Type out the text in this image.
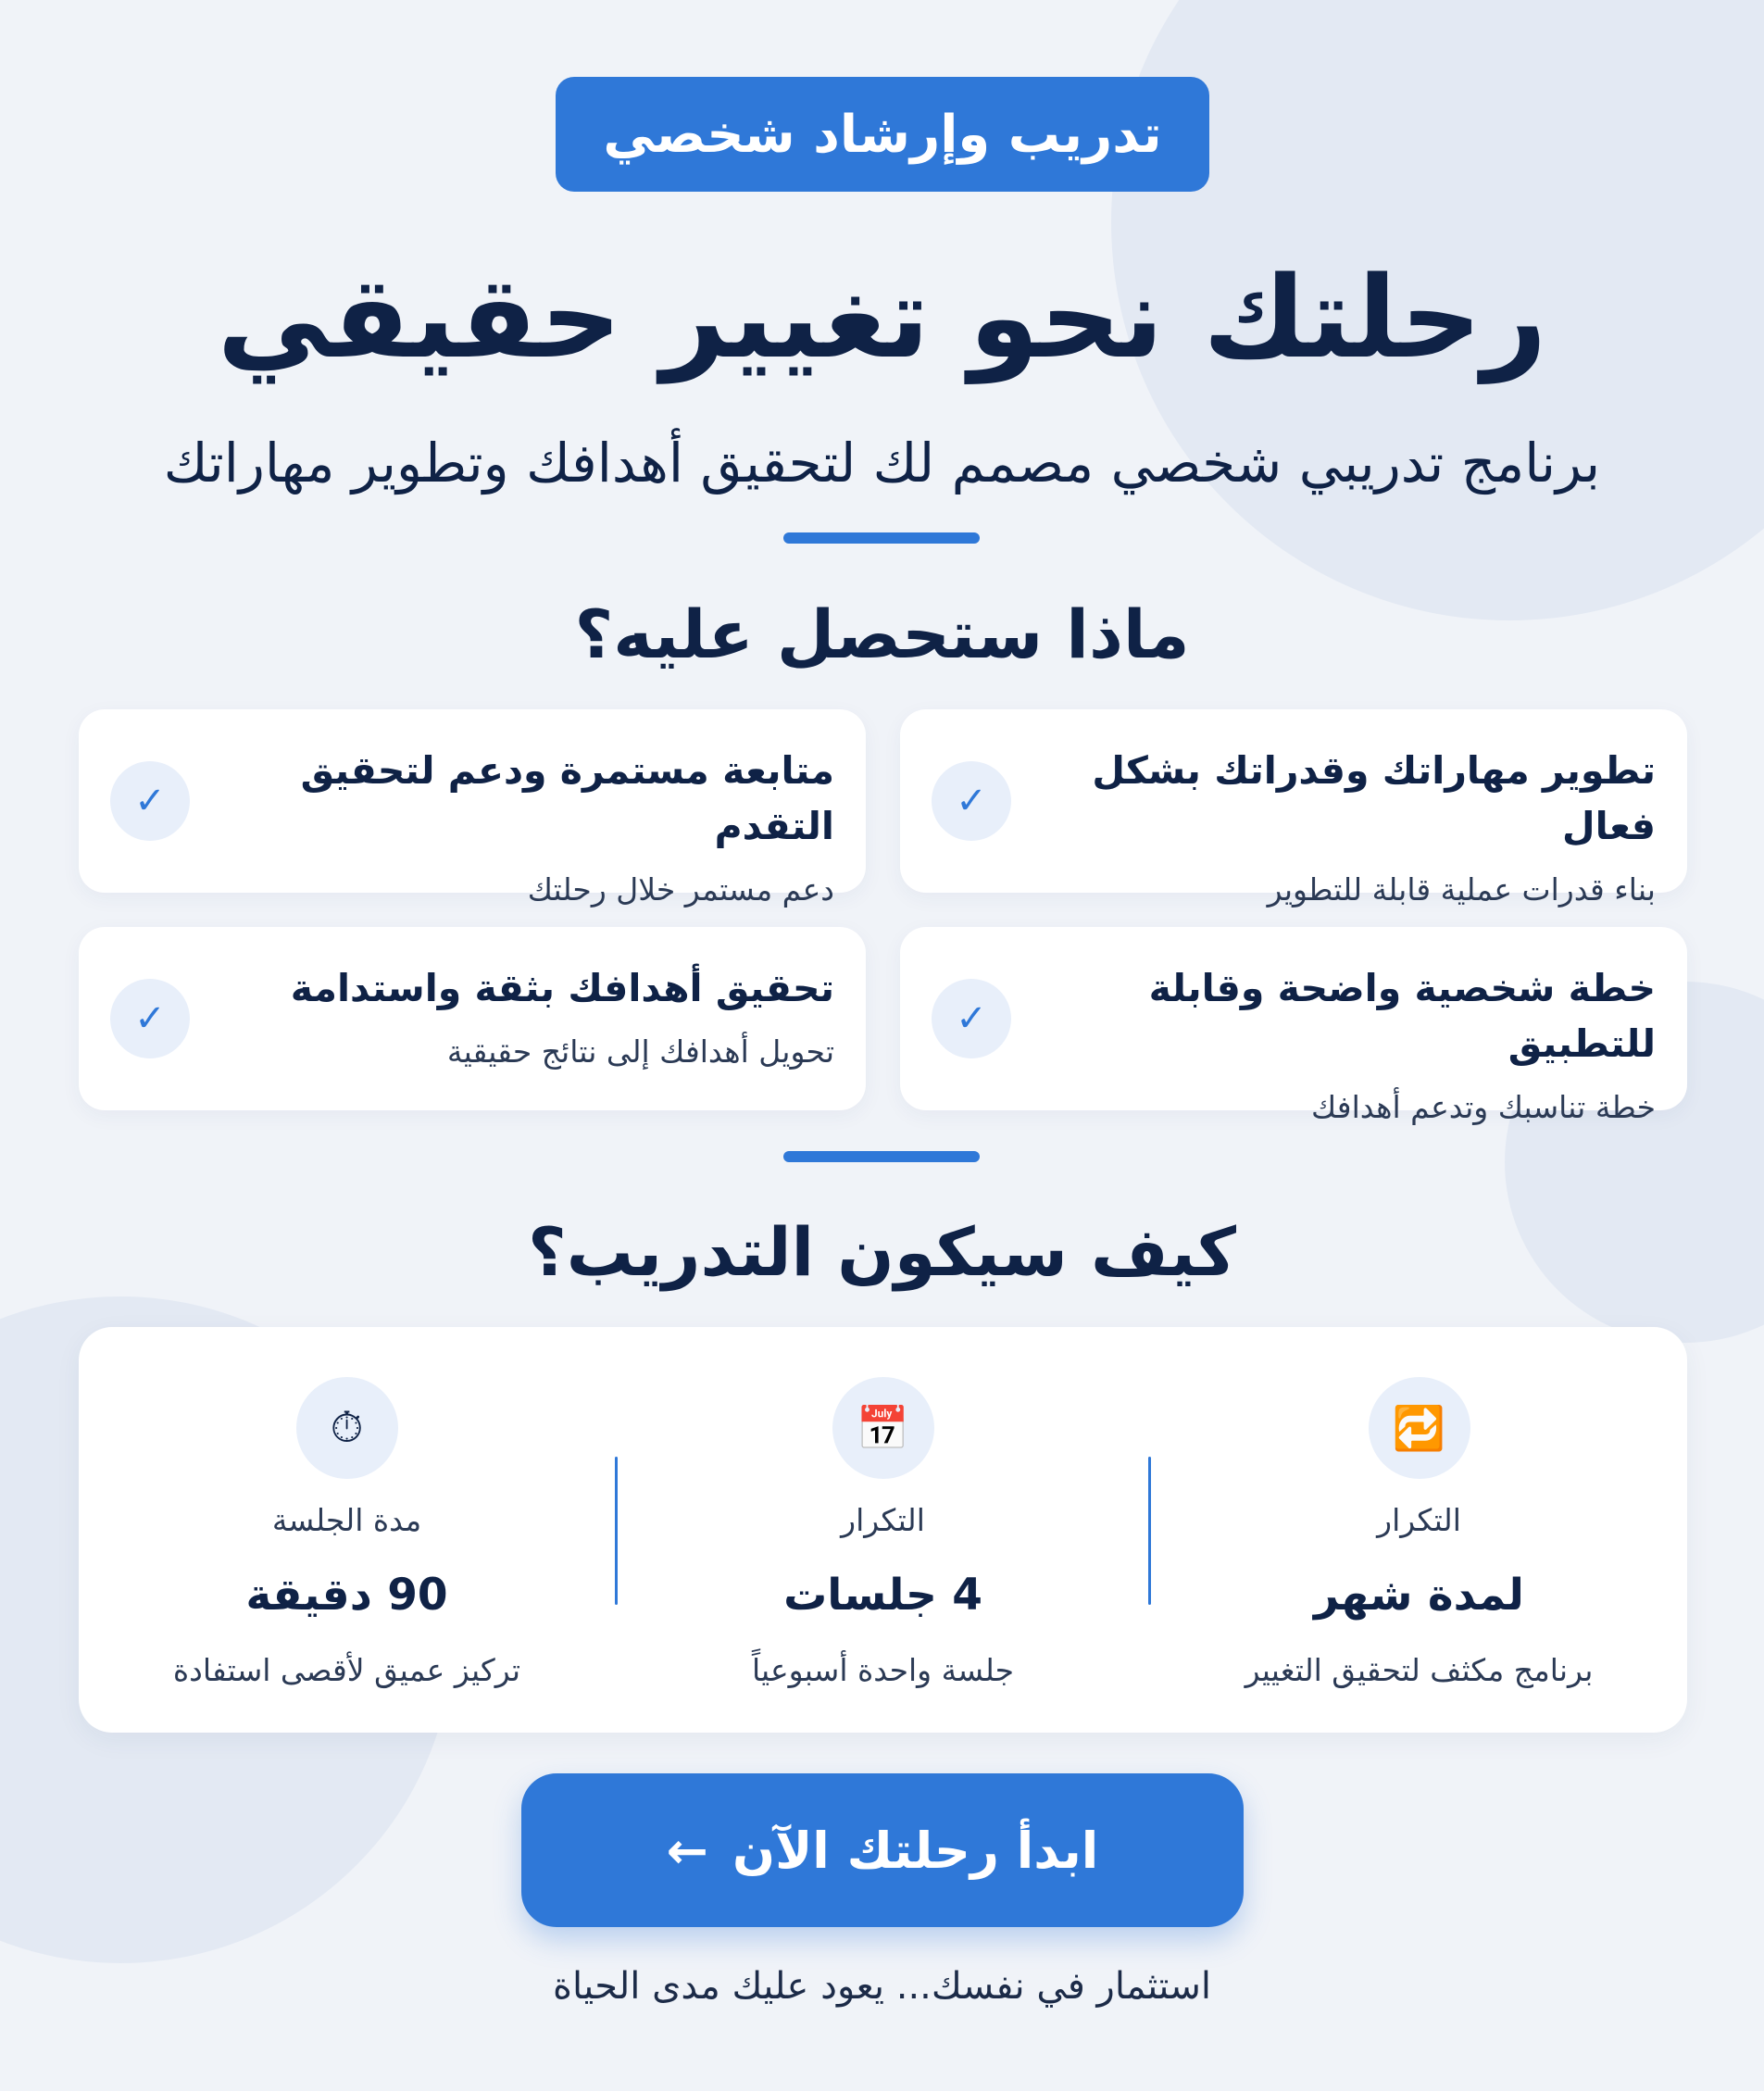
تدريب وإرشاد شخصي
رحلتك نحو تغيير حقيقي

برنامج تدريبي شخصي مصمم لك لتحقيق أهدافك وتطوير مهاراتك

ماذا ستحصل عليه؟
تطوير مهاراتك وقدراتك بشكل فعال
بناء قدرات عملية قابلة للتطوير
✓
متابعة مستمرة ودعم لتحقيق التقدم
دعم مستمر خلال رحلتك
✓
خطة شخصية واضحة وقابلة للتطبيق
خطة تناسبك وتدعم أهدافك
✓
تحقيق أهدافك بثقة واستدامة
تحويل أهدافك إلى نتائج حقيقية
✓
كيف سيكون التدريب؟
🔁
التكرار
لمدة شهر
برنامج مكثف لتحقيق التغيير
📅
التكرار
4 جلسات
جلسة واحدة أسبوعياً
⏱
مدة الجلسة
90 دقيقة
تركيز عميق لأقصى استفادة
ابدأ رحلتك الآن
←

استثمار في نفسك... يعود عليك مدى الحياة
